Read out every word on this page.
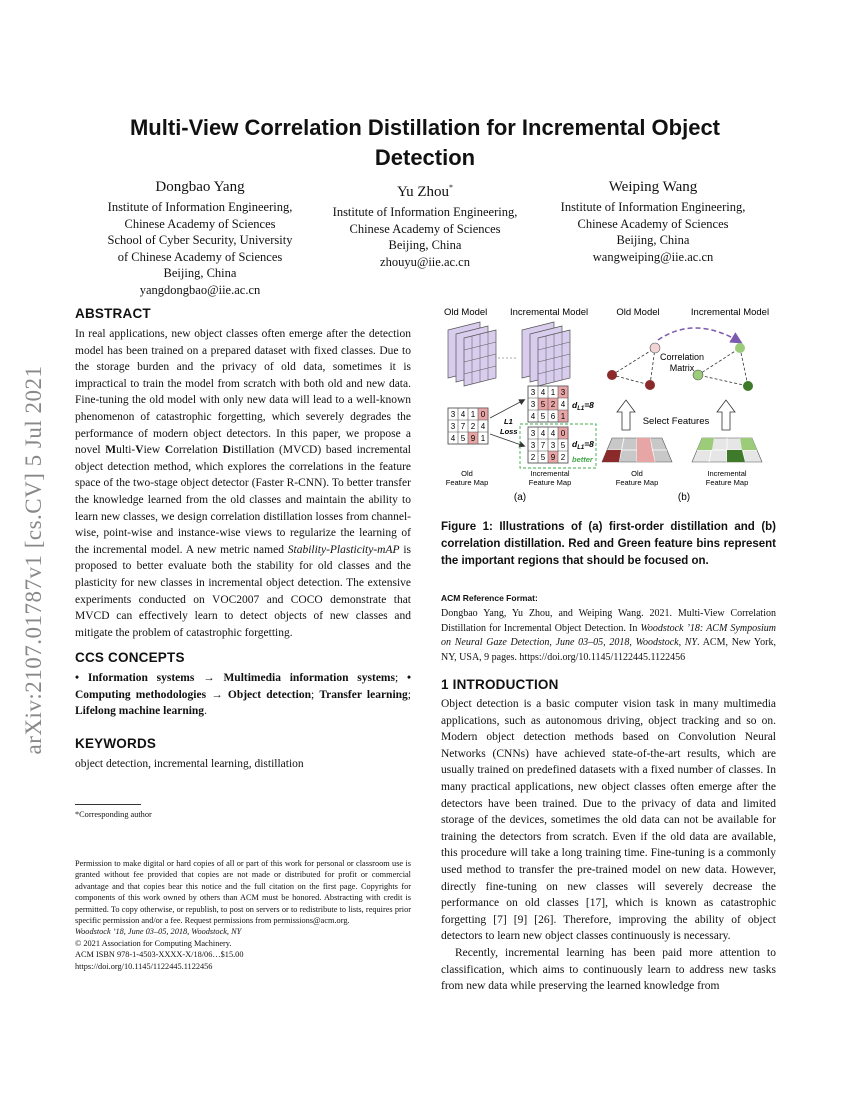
arXiv:2107.01787v1 [cs.CV] 5 Jul 2021
Multi-View Correlation Distillation for Incremental Object Detection
Dongbao Yang
Institute of Information Engineering,
Chinese Academy of Sciences
School of Cyber Security, University
of Chinese Academy of Sciences
Beijing, China
yangdongbao@iie.ac.cn
Yu Zhou*
Institute of Information Engineering,
Chinese Academy of Sciences
Beijing, China
zhouyu@iie.ac.cn
Weiping Wang
Institute of Information Engineering,
Chinese Academy of Sciences
Beijing, China
wangweiping@iie.ac.cn
ABSTRACT

In real applications, new object classes often emerge after the detection model has been trained on a prepared dataset with fixed classes. Due to the storage burden and the privacy of old data, sometimes it is impractical to train the model from scratch with both old and new data. Fine-tuning the old model with only new data will lead to a well-known phenomenon of catastrophic forgetting, which severely degrades the performance of modern object detectors. In this paper, we propose a novel Multi-View Correlation Distillation (MVCD) based incremental object detection method, which explores the correlations in the feature space of the two-stage object detector (Faster R-CNN). To better transfer the knowledge learned from the old classes and maintain the ability to learn new classes, we design correlation distillation losses from channel-wise, point-wise and instance-wise views to regularize the learning of the incremental model. A new metric named Stability-Plasticity-mAP is proposed to better evaluate both the stability for old classes and the plasticity for new classes in incremental object detection. The extensive experiments conducted on VOC2007 and COCO demonstrate that MVCD can effectively learn to detect objects of new classes and mitigate the problem of catastrophic forgetting.

CCS CONCEPTS

• Information systems → Multimedia information systems; • Computing methodologies → Object detection; Transfer learning; Lifelong machine learning.

KEYWORDS

object detection, incremental learning, distillation

*Corresponding author
Permission to make digital or hard copies of all or part of this work for personal or classroom use is granted without fee provided that copies are not made or distributed for profit or commercial advantage and that copies bear this notice and the full citation on the first page. Copyrights for components of this work owned by others than ACM must be honored. Abstracting with credit is permitted. To copy otherwise, or republish, to post on servers or to redistribute to lists, requires prior specific permission and/or a fee. Request permissions from permissions@acm.org.
Woodstock ’18, June 03–05, 2018, Woodstock, NY
© 2021 Association for Computing Machinery.
ACM ISBN 978-1-4503-XXXX-X/18/06…$15.00
https://doi.org/10.1145/1122445.1122456
Old Model Incremental Model
3 4 1 0
3 7 2 4
4 5 9 1
L1
Loss
3 4 1 3
3 5 2 4
4 5 6 1
$d_{L1}=8$
3 4 4 0
3 7 3 5
2 5 9 2
$d_{L1}=8$
better
Old
Feature Map
Incremental
Feature Map
(a)
Old Model	Incremental Model
Correlation
Matrix
Select Features
Old
Feature Map
Incremental
Feature Map
(b)
Figure 1: Illustrations of (a) first-order distillation and (b) correlation distillation. Red and Green feature bins represent the important regions that should be focused on.
ACM Reference Format:
Dongbao Yang, Yu Zhou, and Weiping Wang. 2021. Multi-View Correlation Distillation for Incremental Object Detection. In Woodstock ’18: ACM Symposium on Neural Gaze Detection, June 03–05, 2018, Woodstock, NY. ACM, New York, NY, USA, 9 pages. https://doi.org/10.1145/1122445.1122456
1 INTRODUCTION

Object detection is a basic computer vision task in many multimedia applications, such as autonomous driving, object tracking and so on. Modern object detection methods based on Convolution Neural Networks (CNNs) have achieved state-of-the-art results, which are usually trained on predefined datasets with a fixed number of classes. In many practical applications, new object classes often emerge after the detectors have been trained. Due to the privacy of data and limited storage of the devices, sometimes the old data can not be available for training the detectors from scratch. Even if the old data are available, this procedure will take a long training time. Fine-tuning is a commonly used method to transfer the pre-trained model on new data. However, directly fine-tuning on new classes will severely decrease the performance on old classes [17], which is known as catastrophic forgetting [7] [9] [26]. Therefore, improving the ability of object detectors to learn new object classes continuously is necessary.

Recently, incremental learning has been paid more attention to classification, which aims to continuously learn to address new tasks from new data while preserving the learned knowledge from
